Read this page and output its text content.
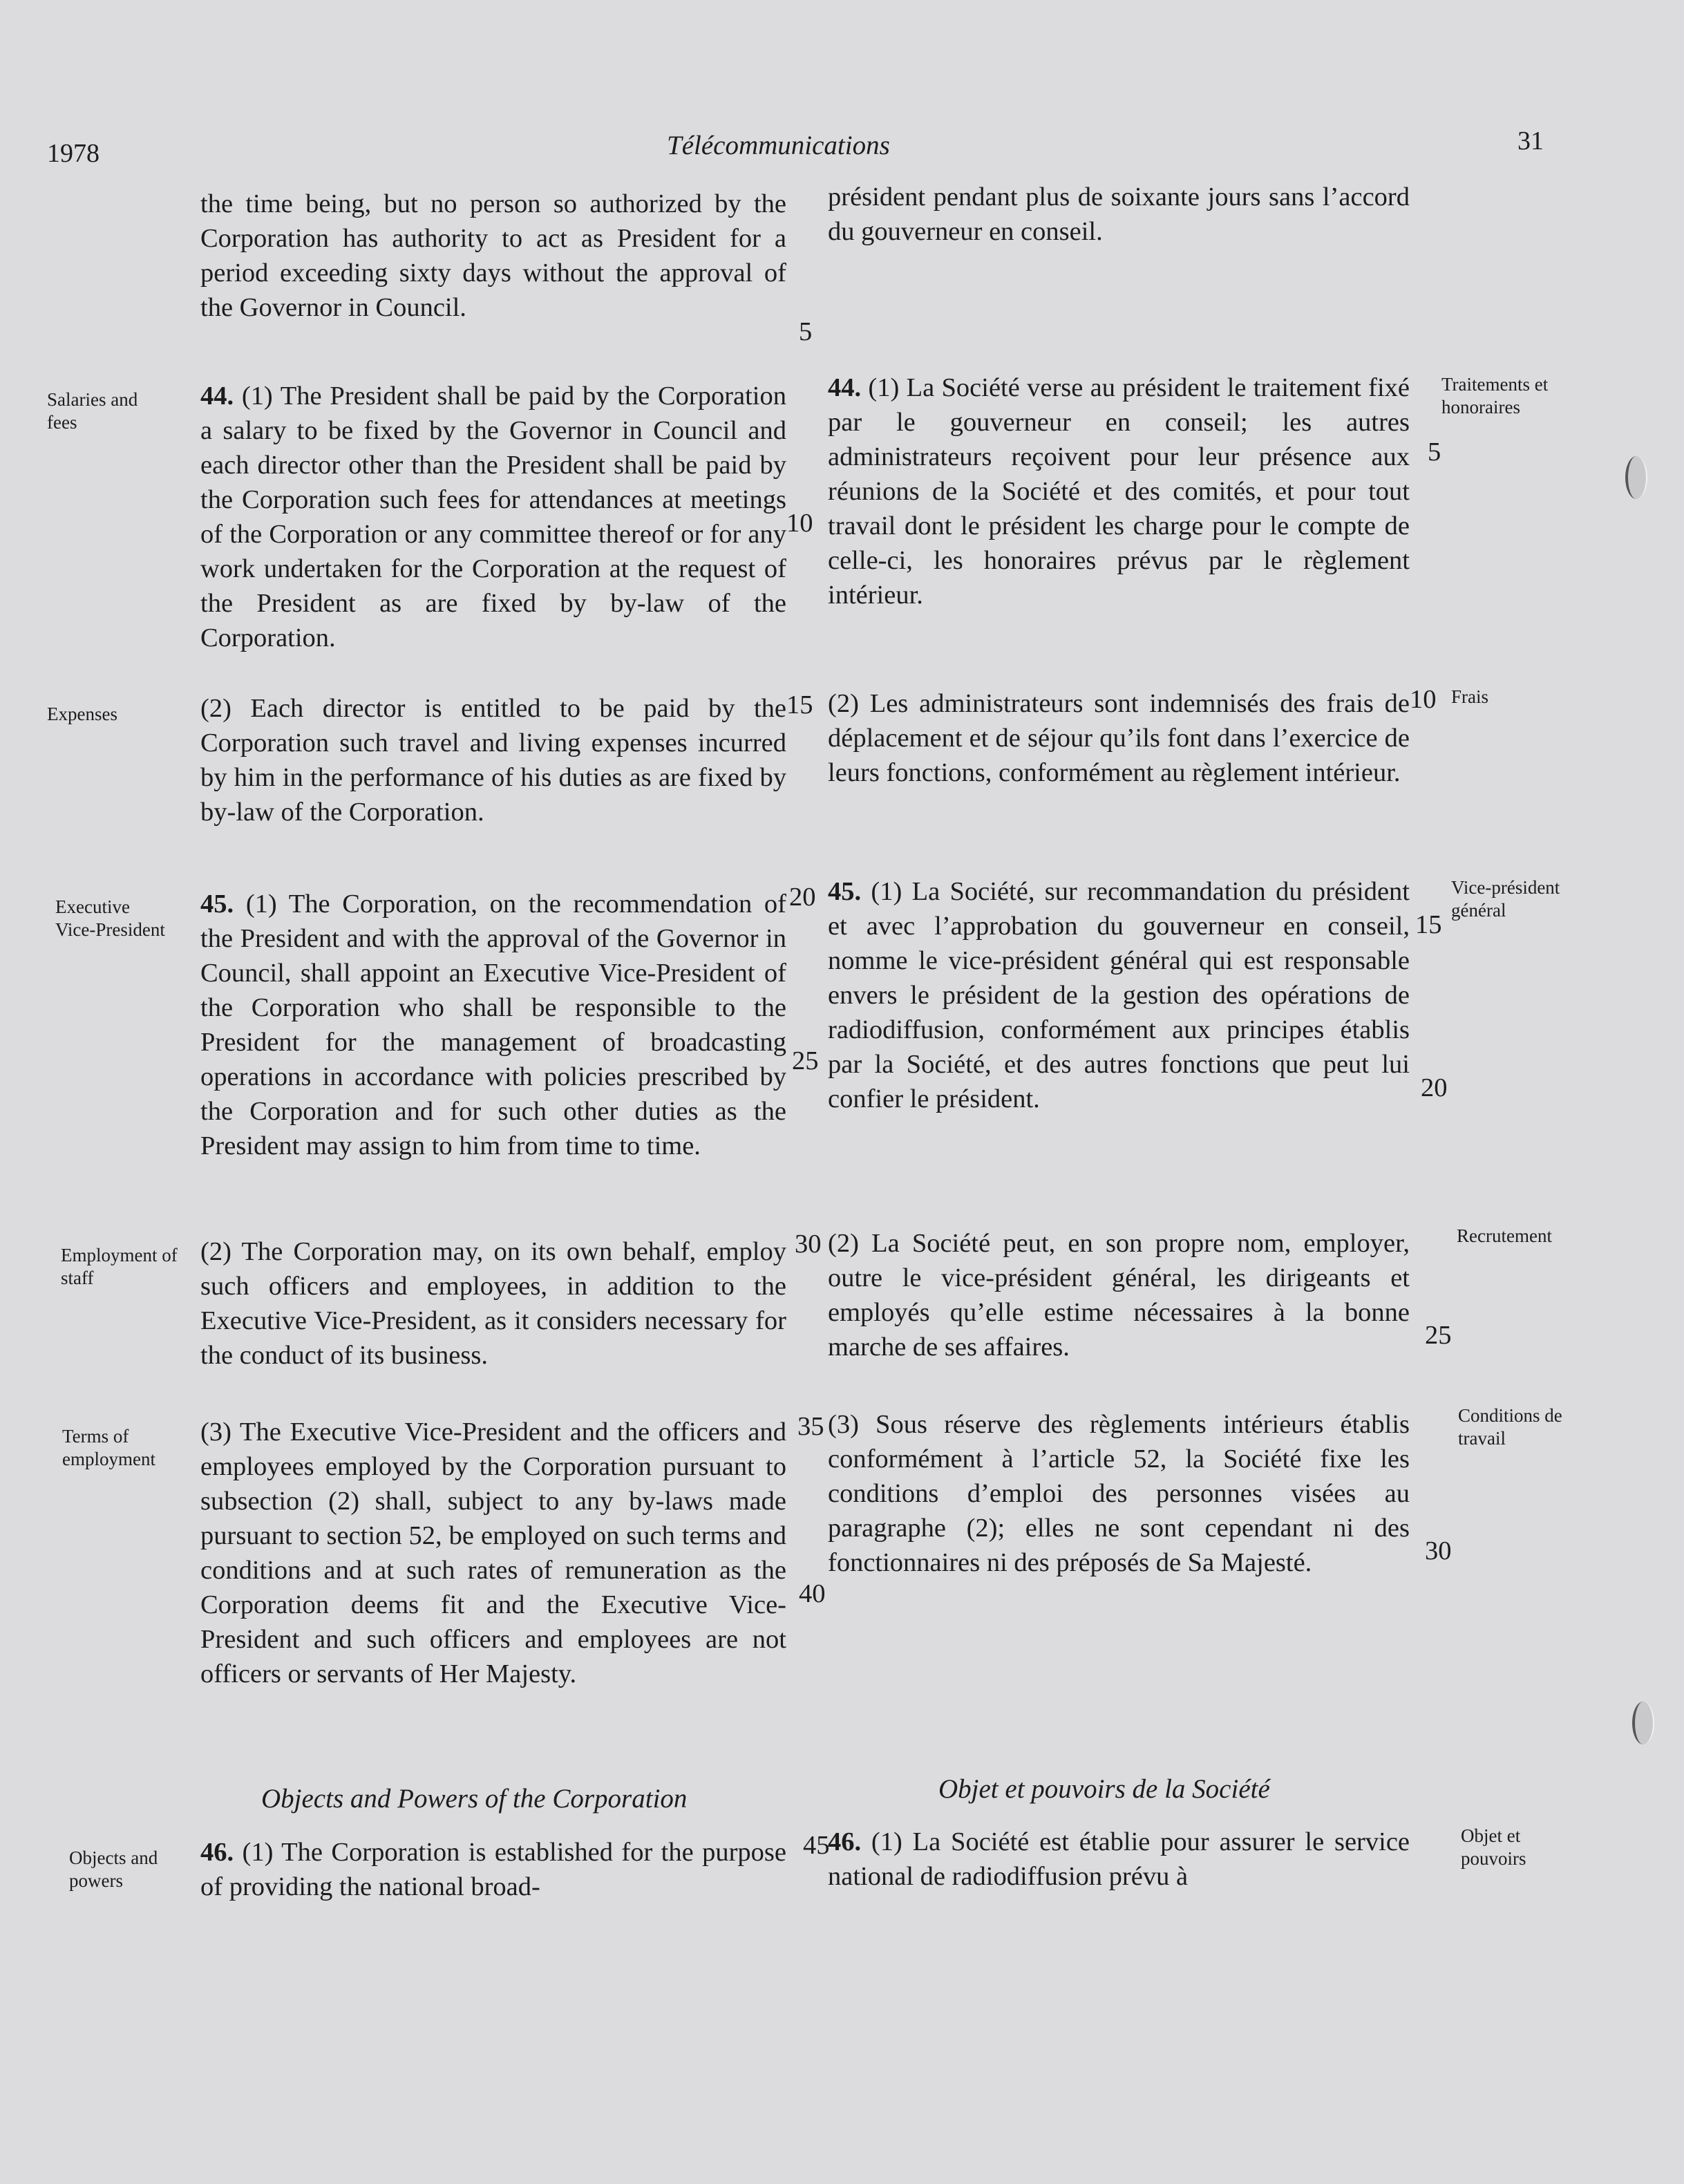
1978	Télécommunications	31

the time being, but no person so authorized by the Corporation has authority to act as President for a period exceeding sixty days without the approval of the Governor in Council.

44. (1) The President shall be paid by the Corporation a salary to be fixed by the Governor in Council and each director other than the President shall be paid by the Corporation such fees for attendances at meetings of the Corporation or any committee thereof or for any work undertaken for the Corporation at the request of the President as are fixed by by-law of the Corporation.

(2) Each director is entitled to be paid by the Corporation such travel and living expenses incurred by him in the performance of his duties as are fixed by by-law of the Corporation.

45. (1) The Corporation, on the recommendation of the President and with the approval of the Governor in Council, shall appoint an Executive Vice-President of the Corporation who shall be responsible to the President for the management of broadcasting operations in accordance with policies prescribed by the Corporation and for such other duties as the President may assign to him from time to time.

(2) The Corporation may, on its own behalf, employ such officers and employees, in addition to the Executive Vice-President, as it considers necessary for the conduct of its business.

(3) The Executive Vice-President and the officers and employees employed by the Corporation pursuant to subsection (2) shall, subject to any by-laws made pursuant to section 52, be employed on such terms and conditions and at such rates of remuneration as the Corporation deems fit and the Executive Vice-President and such officers and employees are not officers or servants of Her Majesty.

46. (1) The Corporation is established for the purpose of providing the national broad-

Objects and Powers of the Corporation

président pendant plus de soixante jours sans l’accord du gouverneur en conseil.

44. (1) La Société verse au président le traitement fixé par le gouverneur en conseil; les autres administrateurs reçoivent pour leur présence aux réunions de la Société et des comités, et pour tout travail dont le président les charge pour le compte de celle-ci, les honoraires prévus par le règlement intérieur.

(2) Les administrateurs sont indemnisés des frais de déplacement et de séjour qu’ils font dans l’exercice de leurs fonctions, conformément au règlement intérieur.

45. (1) La Société, sur recommandation du président et avec l’approbation du gouverneur en conseil, nomme le vice-président général qui est responsable envers le président de la gestion des opérations de radiodiffusion, conformément aux principes établis par la Société, et des autres fonctions que peut lui confier le président.

(2) La Société peut, en son propre nom, employer, outre le vice-président général, les dirigeants et employés qu’elle estime nécessaires à la bonne marche de ses affaires.

(3) Sous réserve des règlements intérieurs établis conformément à l’article 52, la Société fixe les conditions d’emploi des personnes visées au paragraphe (2); elles ne sont cependant ni des fonctionnaires ni des préposés de Sa Majesté.

46. (1) La Société est établie pour assurer le service national de radiodiffusion prévu à

Objet et pouvoirs de la Société
Salaries and
fees
Expenses
Executive
Vice-President
Employment of
staff
Terms of
employment
Objects and
powers
Traitements et
honoraires
Frais
Vice-président
général
Recrutement
Conditions de
travail
Objet et
pouvoirs
5
10
15
20
25
30
35
40
45
5
10
15
20
25
30
